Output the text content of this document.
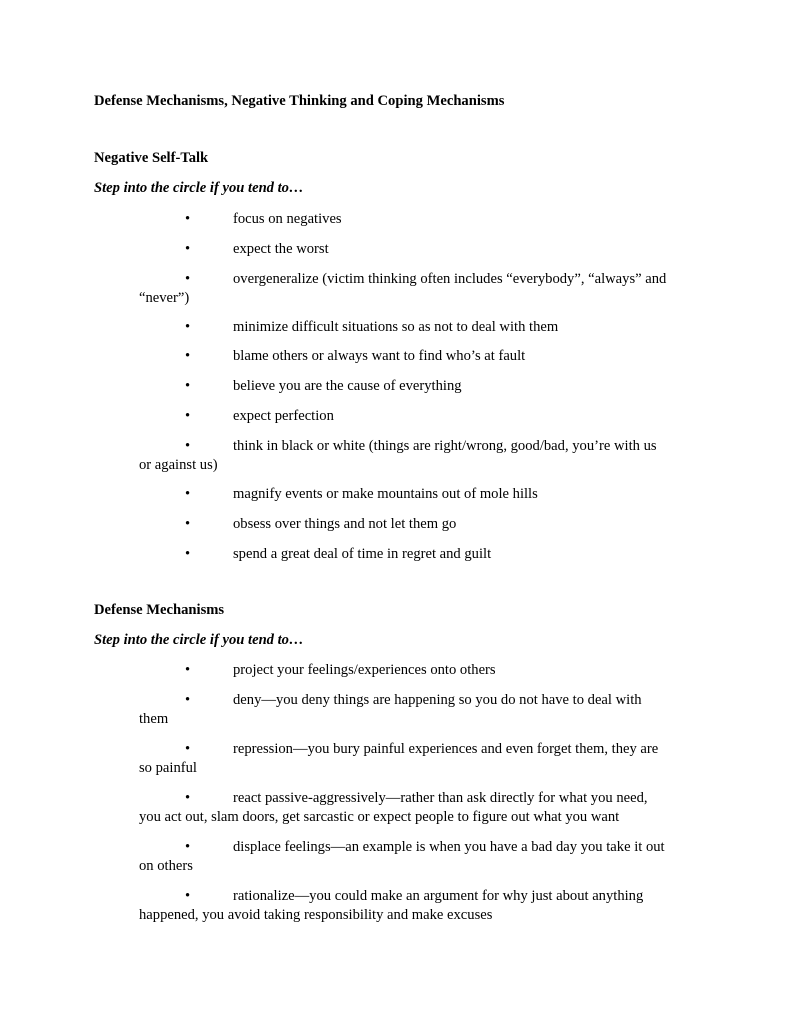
Defense Mechanisms, Negative Thinking and Coping Mechanisms
Negative Self-Talk
Step into the circle if you tend to…
•	focus on negatives
•	expect the worst
•	overgeneralize (victim thinking often includes “everybody”, “always” and
“never”)
•	minimize difficult situations so as not to deal with them
•	blame others or always want to find who’s at fault
•	believe you are the cause of everything
•	expect perfection
•	think in black or white (things are right/wrong, good/bad, you’re with us
or against us)
•	magnify events or make mountains out of mole hills
•	obsess over things and not let them go
•	spend a great deal of time in regret and guilt
Defense Mechanisms
Step into the circle if you tend to…
•	project your feelings/experiences onto others
•	deny—you deny things are happening so you do not have to deal with
them
•	repression—you bury painful experiences and even forget them, they are
so painful
•	react passive-aggressively—rather than ask directly for what you need,
you act out, slam doors, get sarcastic or expect people to figure out what you want
•	displace feelings—an example is when you have a bad day you take it out
on others
•	rationalize—you could make an argument for why just about anything
happened, you avoid taking responsibility and make excuses
